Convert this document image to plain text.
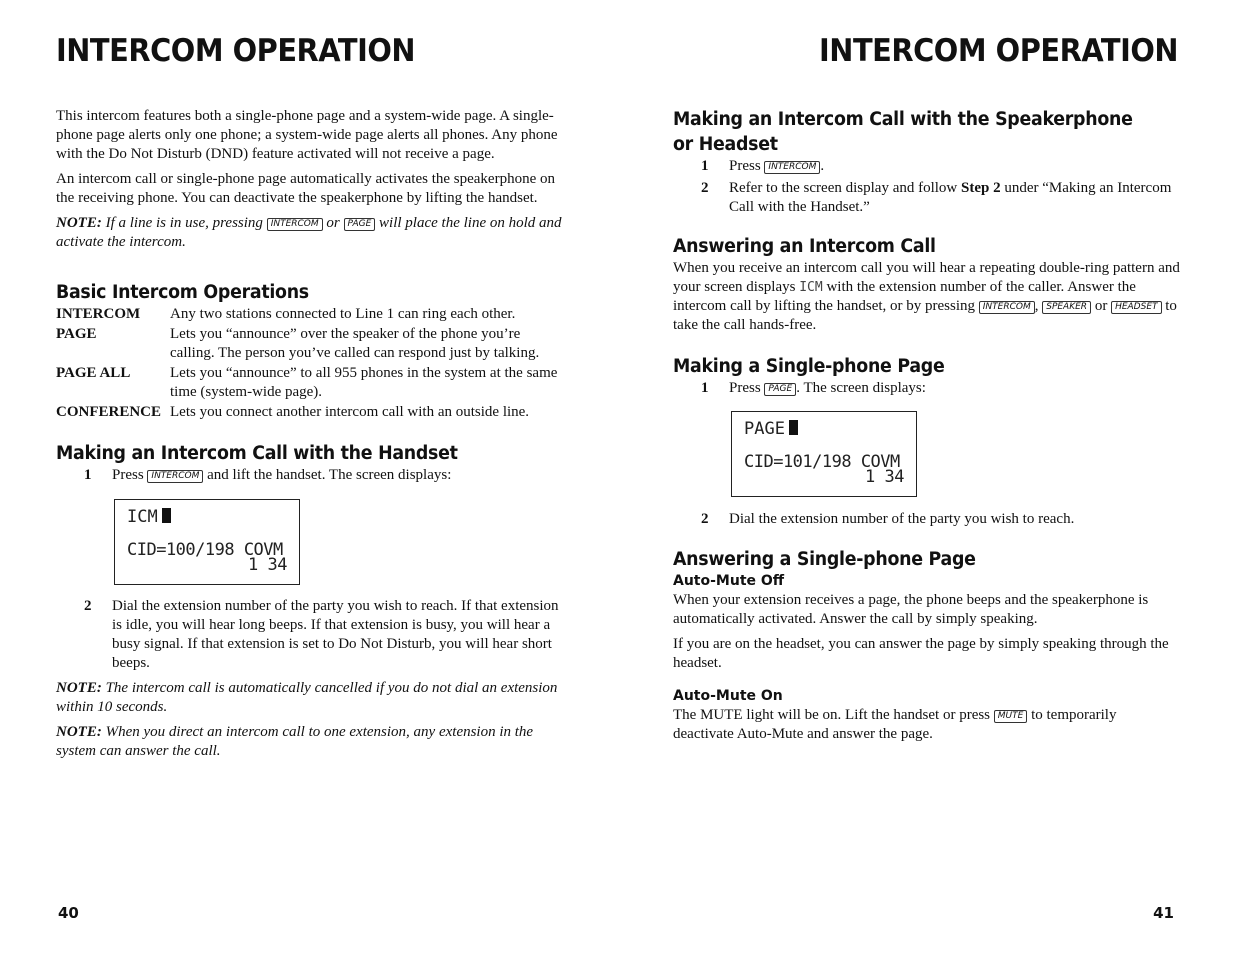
INTERCOM OPERATION

This intercom features both a single-phone page and a system-wide page. A single-phone page alerts only one phone; a system-wide page alerts all phones. Any phone with the Do Not Disturb (DND) feature activated will not receive a page.

An intercom call or single-phone page automatically activates the speakerphone on the receiving phone. You can deactivate the speakerphone by lifting the handset.

NOTE: If a line is in use, pressing INTERCOM or PAGE will place the line on hold and activate the intercom.

Basic Intercom Operations
INTERCOM	Any two stations connected to Line 1 can ring each other.
PAGE	Lets you “announce” over the speaker of the phone you’re calling. The person you’ve called can respond just by talking.
PAGE ALL	Lets you “announce” to all 955 phones in the system at the same time (system-wide page).
CONFERENCE	Lets you connect another intercom call with an outside line.
Making an Intercom Call with the Handset
1	Press INTERCOM and lift the handset. The screen displays:
ICM
CID=100/198 COVM
1 34
2	Dial the extension number of the party you wish to reach. If that extension is idle, you will hear long beeps. If that extension is busy, you will hear a busy signal. If that extension is set to Do Not Disturb, you will hear short beeps.

NOTE: The intercom call is automatically cancelled if you do not dial an extension within 10 seconds.

NOTE: When you direct an intercom call to one extension, any extension in the system can answer the call.

40
INTERCOM OPERATION
Making an Intercom Call with the Speakerphone
or Headset
1	Press INTERCOM .
2	Refer to the screen display and follow Step 2 under “Making an Intercom Call with the Handset.”
Answering an Intercom Call

When you receive an intercom call you will hear a repeating double-ring pattern and your screen displays ICM with the extension number of the caller. Answer the intercom call by lifting the handset, or by pressing INTERCOM , SPEAKER or HEADSET to take the call hands-free.

Making a Single-phone Page
1	Press PAGE . The screen displays:
PAGE
CID=101/198 COVM
1 34
2	Dial the extension number of the party you wish to reach.
Answering a Single-phone Page
Auto-Mute Off

When your extension receives a page, the phone beeps and the speakerphone is automatically activated. Answer the call by simply speaking.

If you are on the headset, you can answer the page by simply speaking through the headset.

Auto-Mute On

The MUTE light will be on. Lift the handset or press MUTE to temporarily deactivate Auto-Mute and answer the page.

41
